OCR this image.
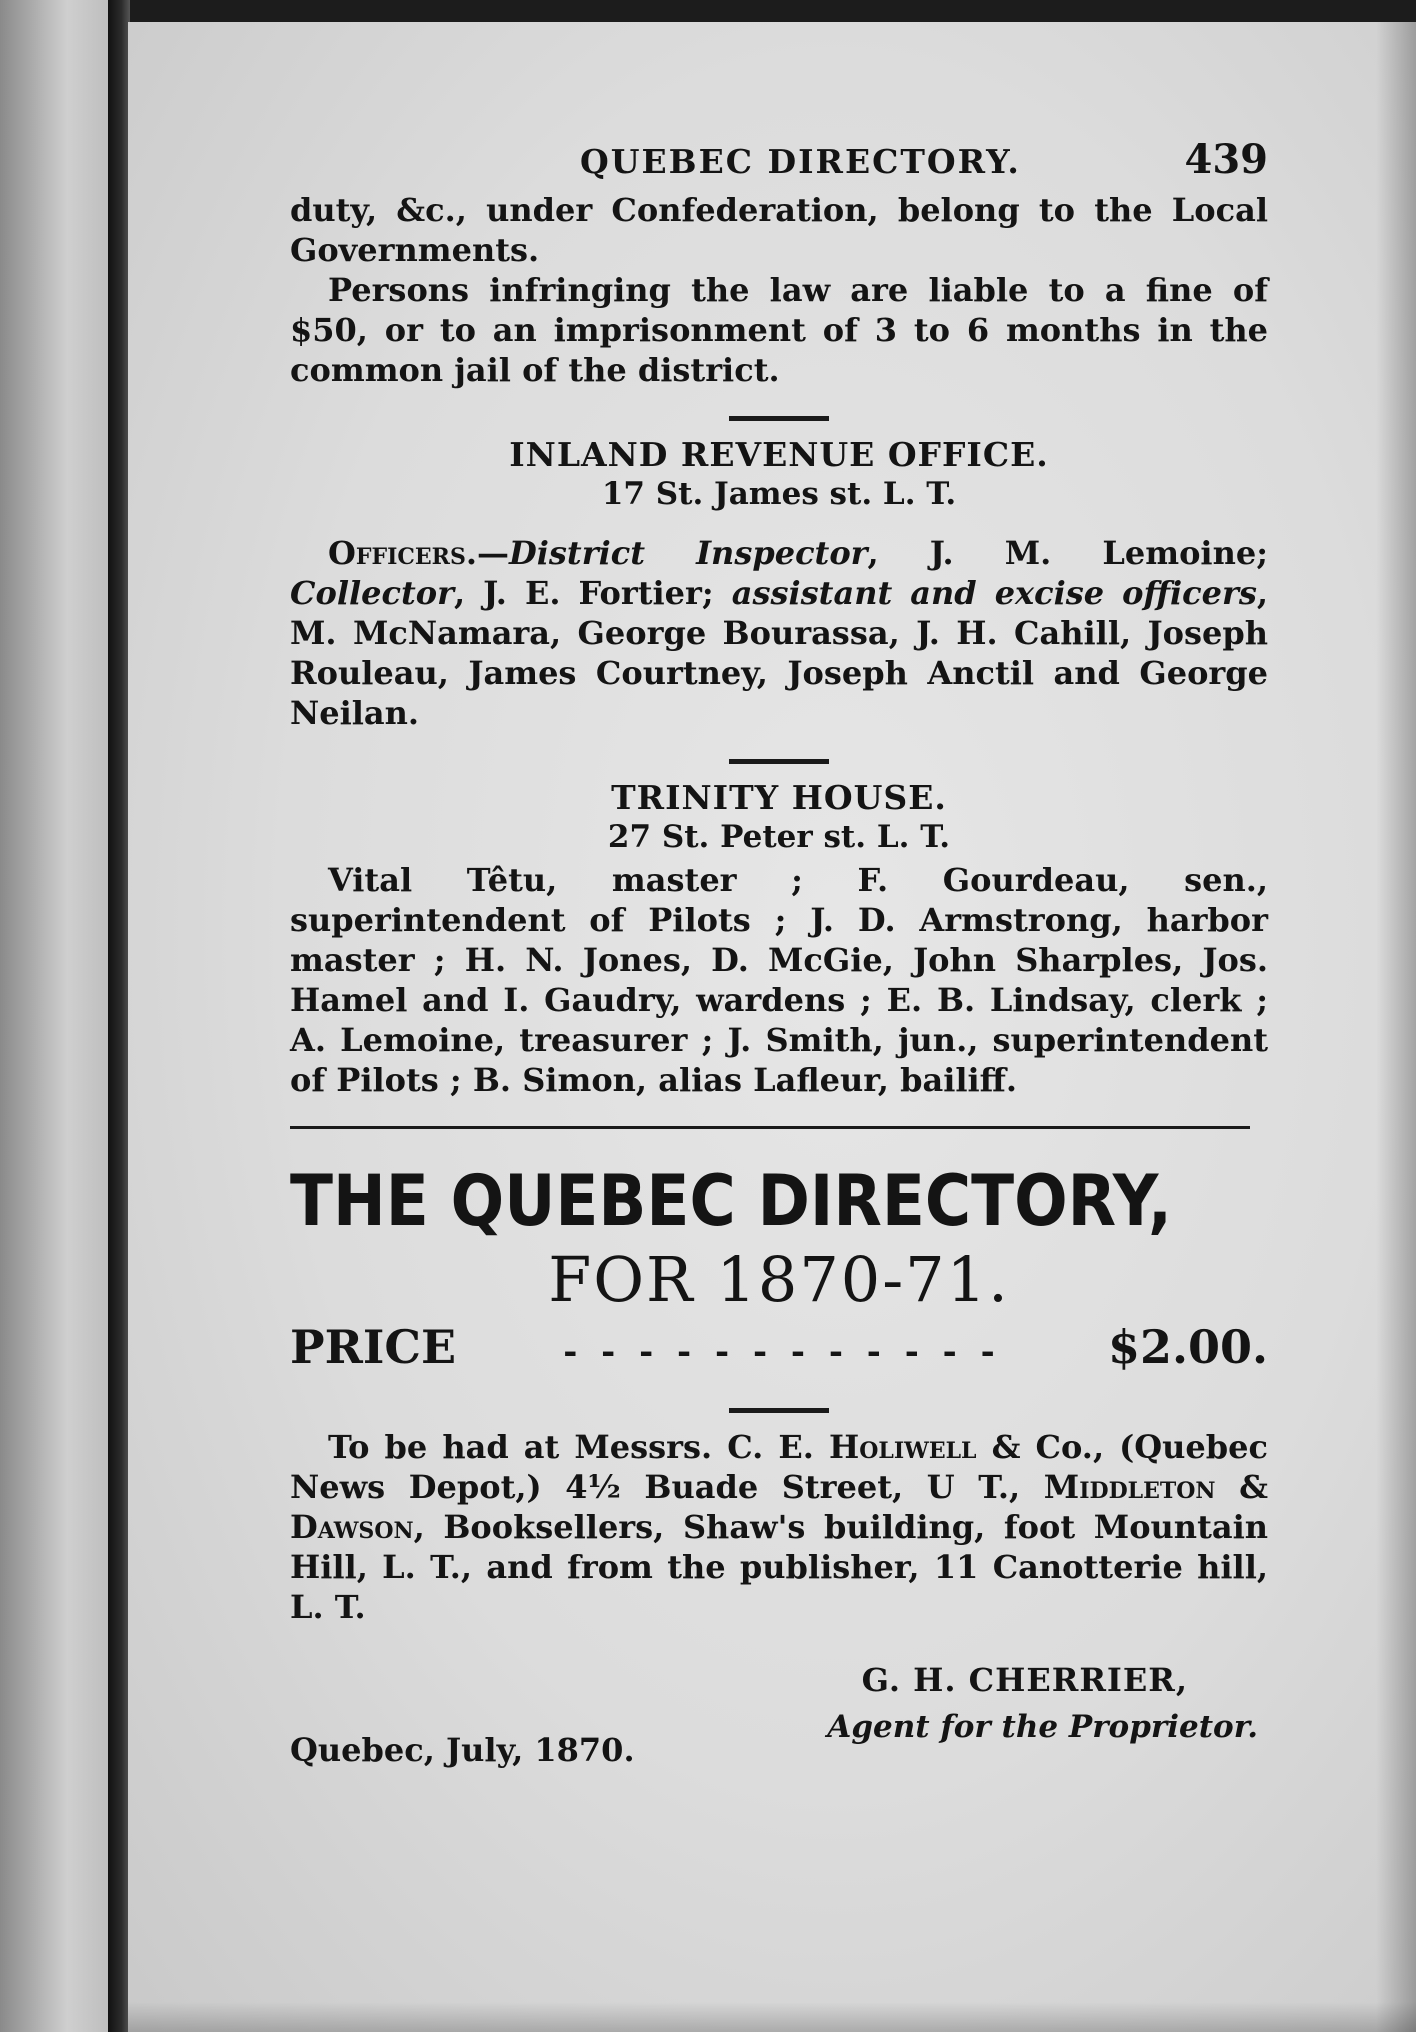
QUEBEC DIRECTORY.	439

duty, &c., under Confederation, belong to the Local Governments.

Persons infringing the law are liable to a fine of $50, or to an imprisonment of 3 to 6 months in the common jail of the district.

INLAND REVENUE OFFICE.
17 St. James st. L. T.

Officers.—District Inspector, J. M. Lemoine; Collector, J. E. Fortier; assistant and excise officers, M. McNamara, George Bourassa, J. H. Cahill, Joseph Rouleau, James Courtney, Joseph Anctil and George Neilan.

TRINITY HOUSE.
27 St. Peter st. L. T.

Vital Têtu, master ; F. Gourdeau, sen., superintendent of Pilots ; J. D. Armstrong, harbor master ; H. N. Jones, D. McGie, John Sharples, Jos. Hamel and I. Gaudry, wardens ; E. B. Lindsay, clerk ; A. Lemoine, treasurer ; J. Smith, jun., superintendent of Pilots ; B. Simon, alias Lafleur, bailiff.

THE QUEBEC DIRECTORY,
FOR 1870-71.
PRICE	- - - - - - - - - - - -	$2.00.

To be had at Messrs. C. E. Holiwell & Co., (Quebec News Depot,) 4½ Buade Street, U T., Middleton & Dawson, Booksellers, Shaw's building, foot Mountain Hill, L. T., and from the publisher, 11 Canotterie hill, L. T.

G. H. CHERRIER,
Quebec, July, 1870.
Agent for the Proprietor.
